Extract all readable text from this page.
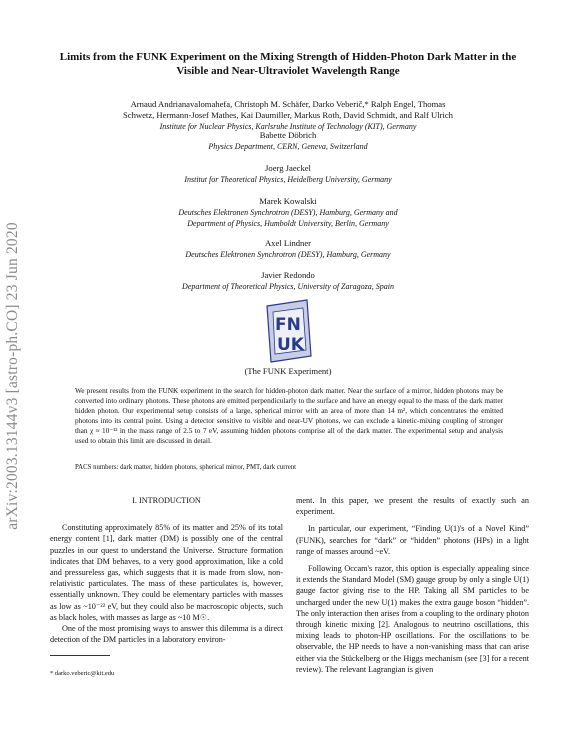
arXiv:2003.13144v3 [astro-ph.CO] 23 Jun 2020
Limits from the FUNK Experiment on the Mixing Strength of Hidden-Photon Dark Matter in the
Visible and Near-Ultraviolet Wavelength Range
Arnaud Andrianavalomahefa, Christoph M. Schäfer, Darko Veberič,* Ralph Engel, Thomas
Schwetz, Hermann-Josef Mathes, Kai Daumiller, Markus Roth, David Schmidt, and Ralf Ulrich
Institute for Nuclear Physics, Karlsruhe Institute of Technology (KIT), Germany
Babette Döbrich
Physics Department, CERN, Geneva, Switzerland
Joerg Jaeckel
Institut for Theoretical Physics, Heidelberg University, Germany
Marek Kowalski
Deutsches Elektronen Synchrotron (DESY), Hamburg, Germany and
Department of Physics, Humboldt University, Berlin, Germany
Axel Lindner
Deutsches Elektronen Synchrotron (DESY), Hamburg, Germany
Javier Redondo
Department of Theoretical Physics, University of Zaragoza, Spain
FN
UK
(The FUNK Experiment)
We present results from the FUNK experiment in the search for hidden-photon dark matter. Near the surface of a mirror, hidden photons may be converted into ordinary photons. These photons are emitted perpendicularly to the surface and have an energy equal to the mass of the dark matter hidden photon. Our experimental setup consists of a large, spherical mirror with an area of more than 14 m², which concentrates the emitted photons into its central point. Using a detector sensitive to visible and near-UV photons, we can exclude a kinetic-mixing coupling of stronger than χ ≈ 10⁻¹² in the mass range of 2.5 to 7 eV, assuming hidden photons comprise all of the dark matter. The experimental setup and analysis used to obtain this limit are discussed in detail.
PACS numbers: dark matter, hidden photons, spherical mirror, PMT, dark current
I. INTRODUCTION

Constituting approximately 85% of its matter and 25% of its total energy content [1], dark matter (DM) is possibly one of the central puzzles in our quest to understand the Universe. Structure formation indicates that DM behaves, to a very good approximation, like a cold and pressureless gas, which suggests that it is made from slow, non-relativistic particulates. The mass of these particulates is, however, essentially unknown. They could be elementary particles with masses as low as ~10⁻²² eV, but they could also be macroscopic objects, such as black holes, with masses as large as ~10 M☉.

One of the most promising ways to answer this dilemma is a direct detection of the DM particles in a laboratory environ-

ment. In this paper, we present the results of exactly such an experiment.

In particular, our experiment, “Finding U(1)'s of a Novel Kind” (FUNK), searches for “dark” or “hidden” photons (HPs) in a light range of masses around ~eV.

Following Occam's razor, this option is especially appealing since it extends the Standard Model (SM) gauge group by only a single U(1) gauge factor giving rise to the HP. Taking all SM particles to be uncharged under the new U(1) makes the extra gauge boson “hidden”. The only interaction then arises from a coupling to the ordinary photon through kinetic mixing [2]. Analogous to neutrino oscillations, this mixing leads to photon-HP oscillations. For the oscillations to be observable, the HP needs to have a non-vanishing mass that can arise either via the Stückelberg or the Higgs mechanism (see [3] for a recent review). The relevant Lagrangian is given

* darko.veberic@kit.edu
